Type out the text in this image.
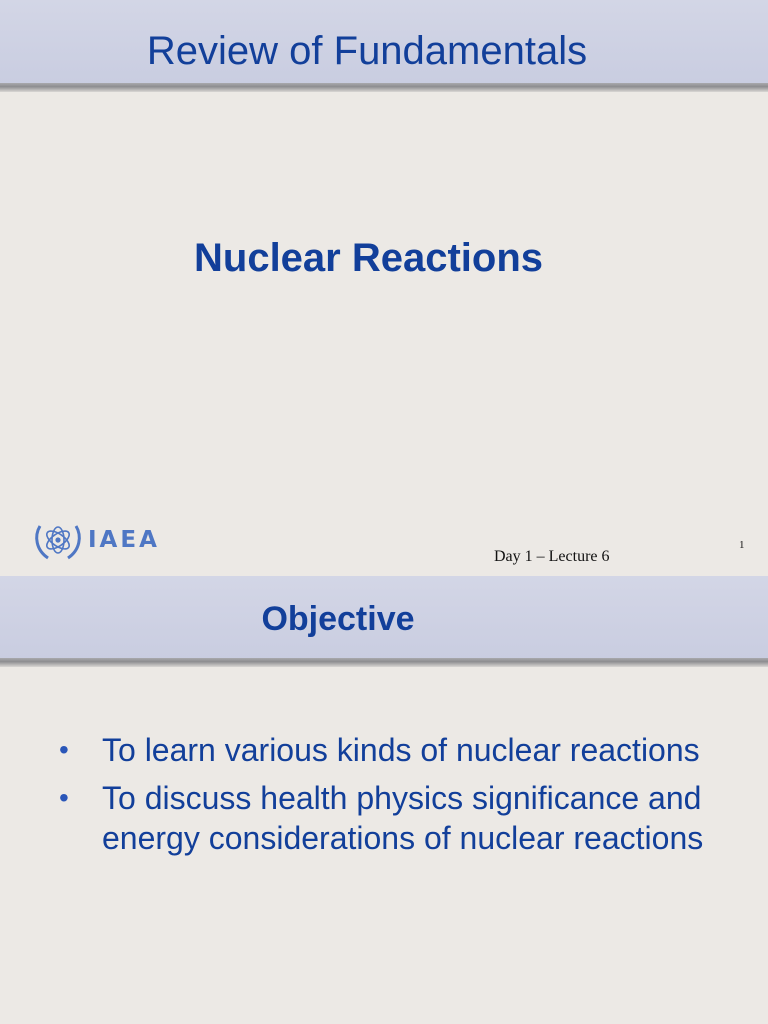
Review of Fundamentals
Nuclear Reactions
IAEA
Day 1 – Lecture 6
1
Objective
• To learn various kinds of nuclear reactions
• To discuss health physics significance and energy considerations of nuclear reactions
